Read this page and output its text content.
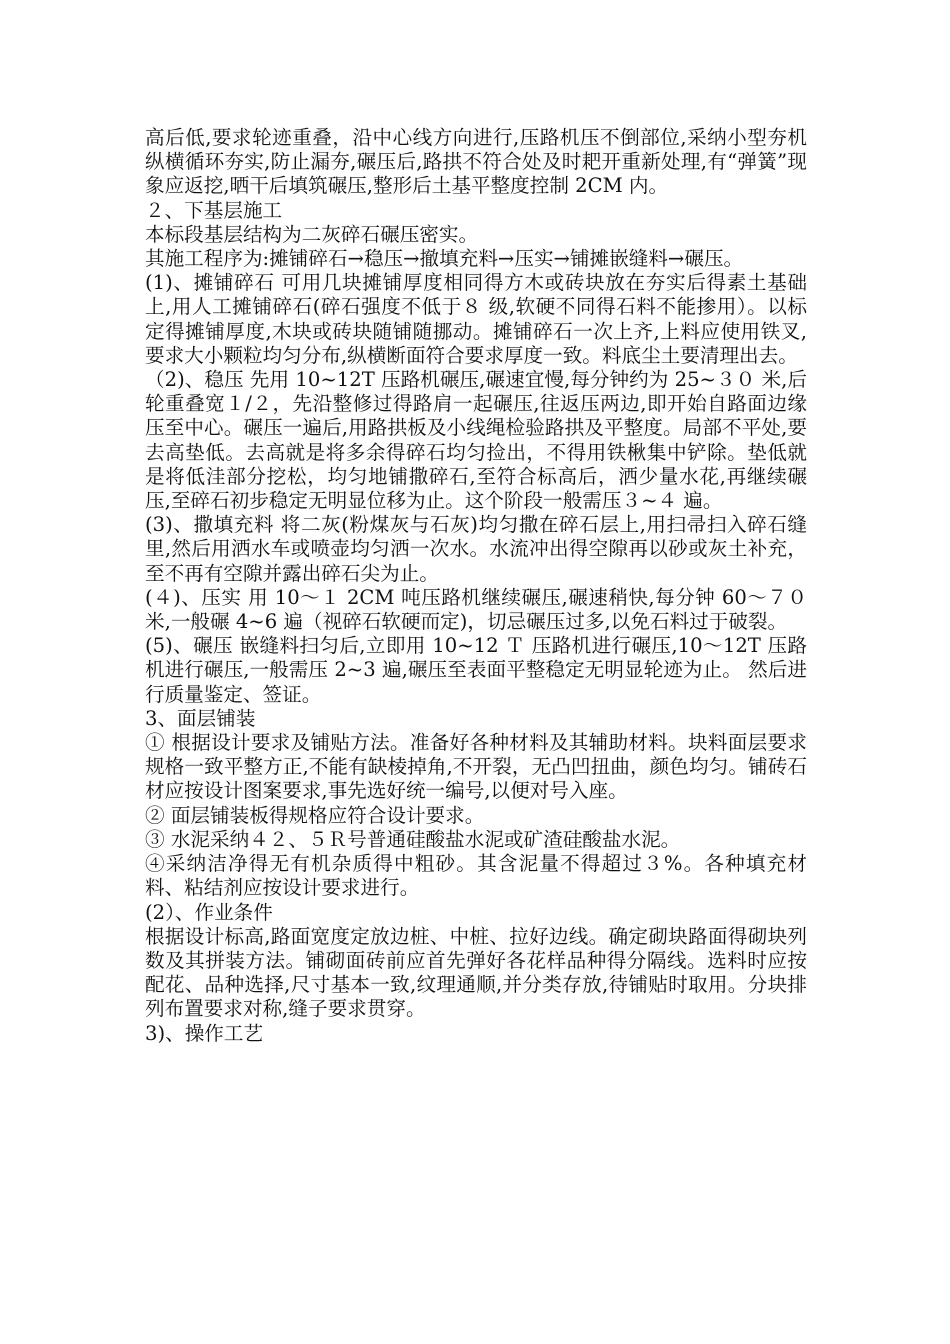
高后低,要求轮迹重叠，沿中心线方向进行,压路机压不倒部位,采纳小型夯机纵横循环夯实,防止漏夯,碾压后,路拱不符合处及时耙开重新处理,有“弹簧”现象应返挖,晒干后填筑碾压,整形后土基平整度控制 2CM 内。

２、下基层施工

本标段基层结构为二灰碎石碾压密实。

其施工程序为:摊铺碎石→稳压→撤填充料→压实→铺摊嵌缝料→碾压。

(1)、摊铺碎石 可用几块摊铺厚度相同得方木或砖块放在夯实后得素土基础上,用人工摊铺碎石(碎石强度不低于８ 级,软硬不同得石料不能掺用）。以标定得摊铺厚度,木块或砖块随铺随挪动。摊铺碎石一次上齐,上料应使用铁叉,要求大小颗粒均匀分布,纵横断面符合要求厚度一致。料底尘土要清理出去。

（2)、稳压 先用 10~12T 压路机碾压,碾速宜慢,每分钟约为 25~３０ 米,后轮重叠宽１/２，先沿整修过得路肩一起碾压,往返压两边,即开始自路面边缘压至中心。碾压一遍后,用路拱板及小线绳检验路拱及平整度。局部不平处,要去高垫低。去高就是将多余得碎石均匀捡出，不得用铁楸集中铲除。垫低就是将低洼部分挖松，均匀地铺撒碎石,至符合标高后，洒少量水花,再继续碾压,至碎石初步稳定无明显位移为止。这个阶段一般需压３~４ 遍。

(3)、撒填充料 将二灰(粉煤灰与石灰)均匀撒在碎石层上,用扫帚扫入碎石缝里,然后用洒水车或喷壶均匀洒一次水。水流冲出得空隙再以砂或灰土补充，至不再有空隙并露出碎石尖为止。

(４)、压实 用 10～１ 2CM 吨压路机继续碾压,碾速稍快,每分钟 60～７０ 米,一般碾 4~6 遍（视碎石软硬而定)，切忌碾压过多,以免石料过于破裂。

(5)、碾压 嵌缝料扫匀后,立即用 10~12 Ｔ 压路机进行碾压,10～12T 压路机进行碾压,一般需压 2~3 遍,碾压至表面平整稳定无明显轮迹为止。 然后进行质量鉴定、签证。

3、面层铺装

① 根据设计要求及铺贴方法。准备好各种材料及其辅助材料。块料面层要求规格一致平整方正,不能有缺棱掉角,不开裂，无凸凹扭曲，颜色均匀。铺砖石材应按设计图案要求,事先选好统一编号,以便对号入座。

② 面层铺装板得规格应符合设计要求。

③ 水泥采纳４２、５Ｒ号普通硅酸盐水泥或矿渣硅酸盐水泥。

④采纳洁净得无有机杂质得中粗砂。其含泥量不得超过３%。各种填充材料、粘结剂应按设计要求进行。

(2）、作业条件

根据设计标高,路面宽度定放边桩、中桩、拉好边线。确定砌块路面得砌块列数及其拼装方法。铺砌面砖前应首先弹好各花样品种得分隔线。选料时应按配花、品种选择,尺寸基本一致,纹理通顺,并分类存放,待铺贴时取用。分块排列布置要求对称,缝子要求贯穿。

3)、操作工艺
